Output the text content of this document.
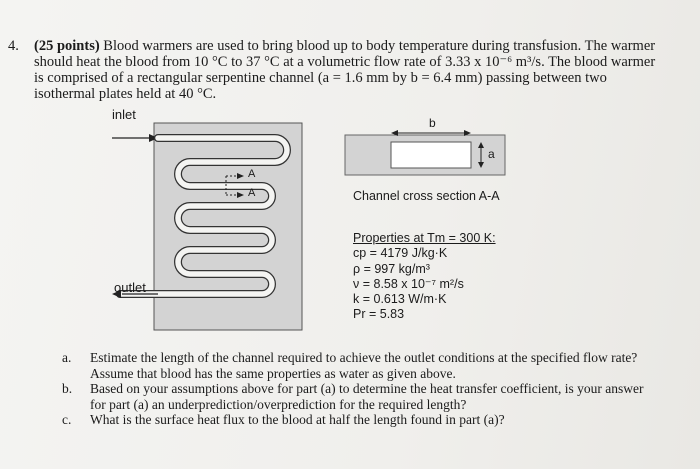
4. (25 points) Blood warmers are used to bring blood up to body temperature during transfusion. The warmer should heat the blood from 10 °C to 37 °C at a volumetric flow rate of 3.33 x 10⁻⁶ m³/s. The blood warmer is comprised of a rectangular serpentine channel (a = 1.6 mm by b = 6.4 mm) passing between two isothermal plates held at 40 °C.
inlet
outlet
A
A
b
a
Channel cross section A-A
Properties at Tm = 300 K:
cp = 4179 J/kg·K
ρ = 997 kg/m³
ν = 8.58 x 10⁻⁷ m²/s
k = 0.613 W/m·K
Pr = 5.83
a. Estimate the length of the channel required to achieve the outlet conditions at the specified flow rate? Assume that blood has the same properties as water as given above.
b. Based on your assumptions above for part (a) to determine the heat transfer coefficient, is your answer for part (a) an underprediction/overprediction for the required length?
c. What is the surface heat flux to the blood at half the length found in part (a)?
